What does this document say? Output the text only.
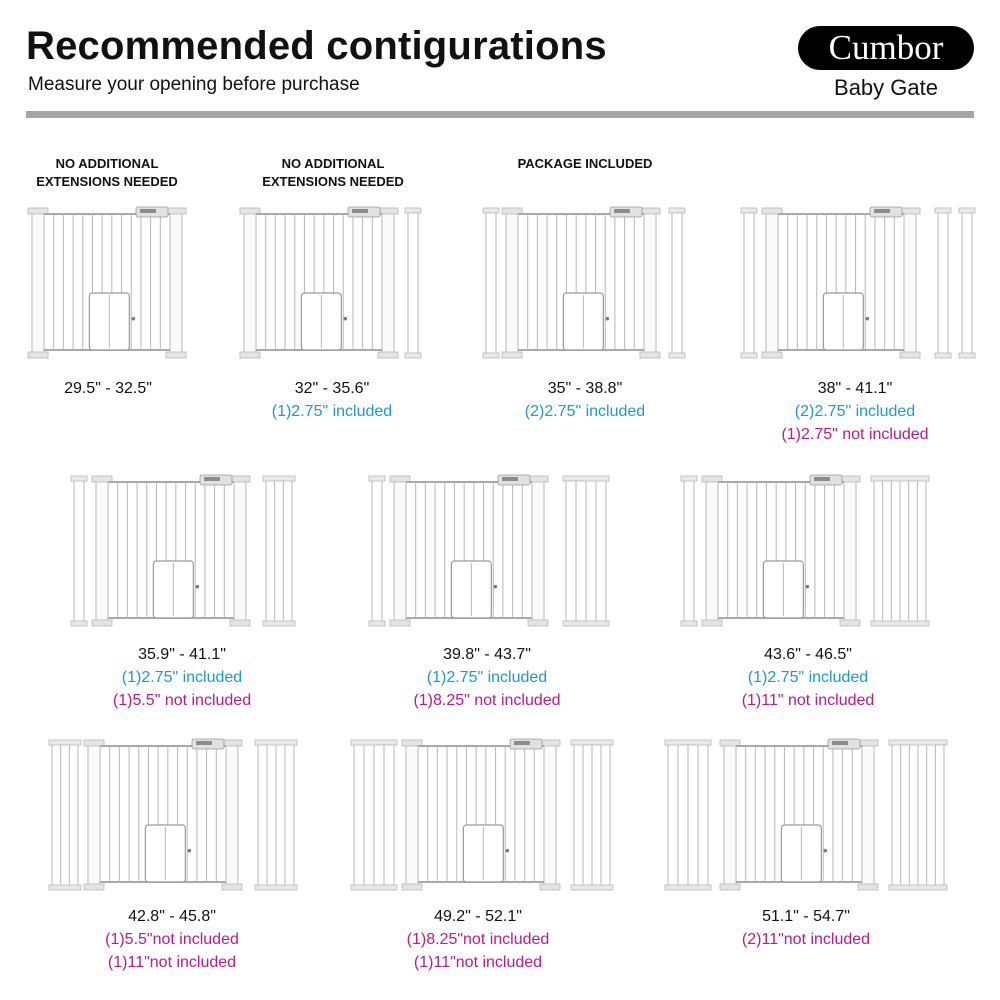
Recommended contigurations
Measure your opening before purchase
Cumbor
Baby Gate
NO ADDITIONAL EXTENSIONS NEEDED
NO ADDITIONAL EXTENSIONS NEEDED
PACKAGE INCLUDED
29.5" - 32.5"	32" - 35.6"
(1)2.75" included
35" - 38.8"
(2)2.75" included
38" - 41.1"
(2)2.75" included
(1)2.75" not included
35.9" - 41.1"
(1)2.75" included
(1)5.5" not included
39.8" - 43.7"
(1)2.75" included
(1)8.25" not included
43.6" - 46.5"
(1)2.75" included
(1)11" not included
42.8" - 45.8"
(1)5.5"not included
(1)11"not included
49.2" - 52.1"
(1)8.25"not included
(1)11"not included
51.1" - 54.7"
(2)11"not included
